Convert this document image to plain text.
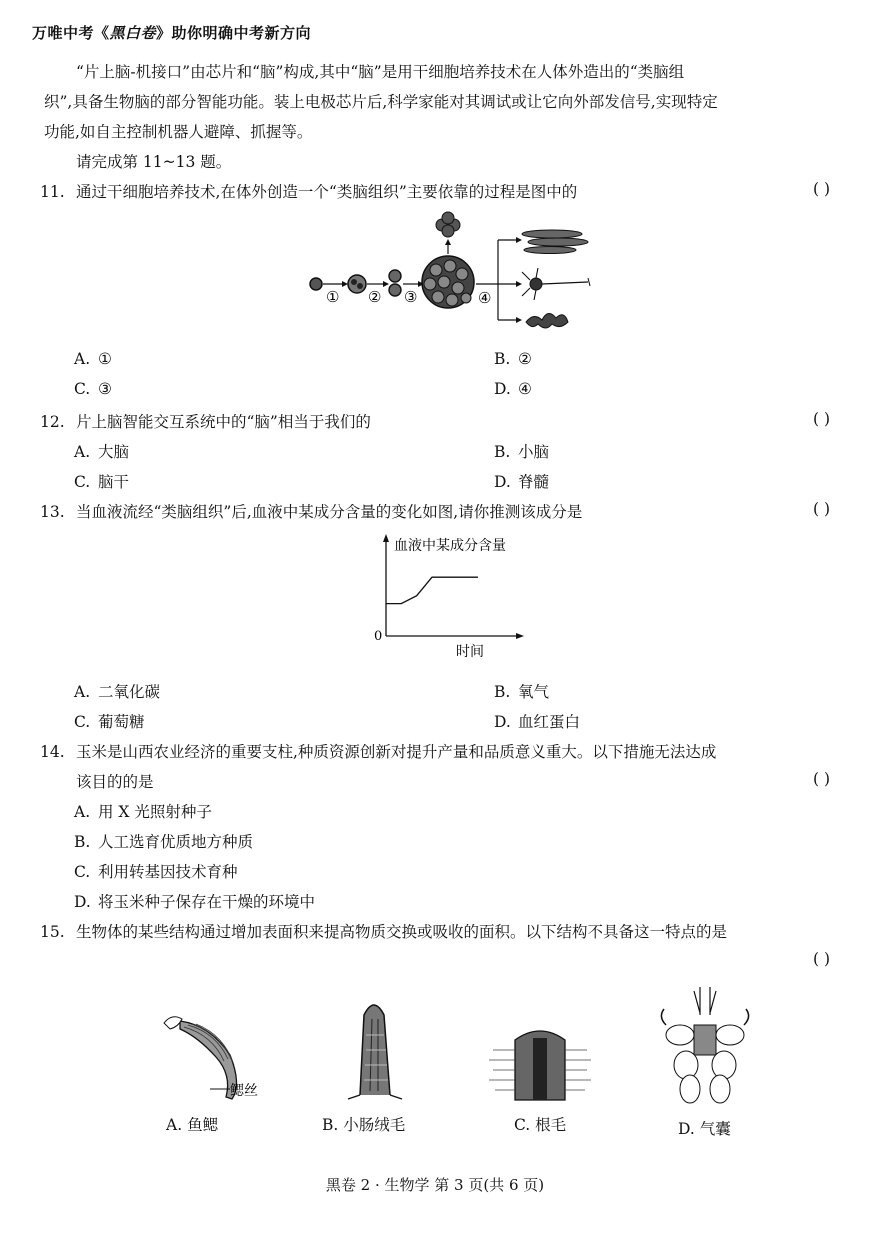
万唯中考《黑白卷》助你明确中考新方向
“片上脑-机接口”由芯片和“脑”构成,其中“脑”是用干细胞培养技术在人体外造出的“类脑组
织”,具备生物脑的部分智能功能。装上电极芯片后,科学家能对其调试或让它向外部发信号,实现特定
功能,如自主控制机器人避障、抓握等。
请完成第 11~13 题。
11. 通过干细胞培养技术,在体外创造一个“类脑组织”主要依靠的过程是图中的	( )
① ② ③	④
A. ①	B. ②
C. ③	D. ④
12. 片上脑智能交互系统中的“脑”相当于我们的	( )
A. 大脑	B. 小脑
C. 脑干	D. 脊髓
13. 当血液流经“类脑组织”后,血液中某成分含量的变化如图,请你推测该成分是	( )
血液中某成分含量
时间
0
A. 二氧化碳	B. 氧气
C. 葡萄糖	D. 血红蛋白
14. 玉米是山西农业经济的重要支柱,种质资源创新对提升产量和品质意义重大。以下措施无法达成
该目的的是	( )
A. 用 X 光照射种子
B. 人工选育优质地方种质
C. 利用转基因技术育种
D. 将玉米种子保存在干燥的环境中
15. 生物体的某些结构通过增加表面积来提高物质交换或吸收的面积。以下结构不具备这一特点的是
( )
鳃丝
A. 鱼鳃	B. 小肠绒毛	C. 根毛	D. 气囊
黑卷 2 · 生物学 第 3 页(共 6 页)
